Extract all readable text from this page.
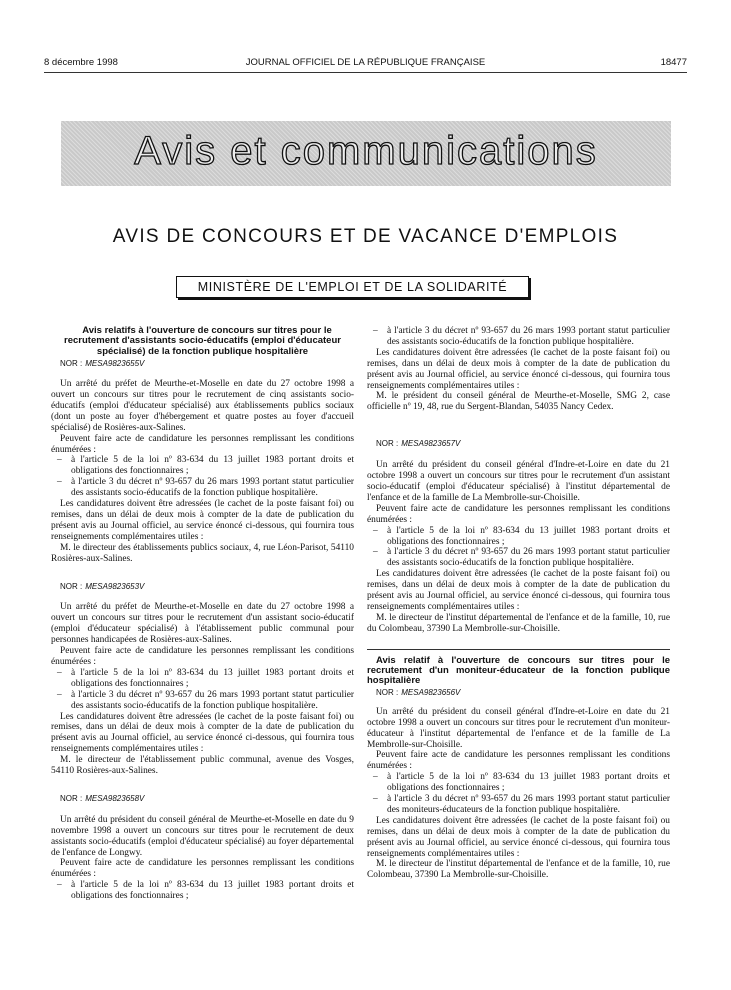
8 décembre 1998	JOURNAL OFFICIEL DE LA RÉPUBLIQUE FRANÇAISE	18477
Avis et communications
AVIS DE CONCOURS ET DE VACANCE D'EMPLOIS
MINISTÈRE DE L'EMPLOI ET DE LA SOLIDARITÉ

Avis relatifs à l'ouverture de concours sur titres pour le recrutement d'assistants socio-éducatifs (emploi d'éducateur spécialisé) de la fonction publique hospitalière

NOR : MESA9823655V

Un arrêté du préfet de Meurthe-et-Moselle en date du 27 octobre 1998 a ouvert un concours sur titres pour le recrutement de cinq assistants socio-éducatifs (emploi d'éducateur spécialisé) aux établissements publics sociaux (dont un poste au foyer d'hébergement et quatre postes au foyer d'accueil spécialisé) de Rosières-aux-Salines.

Peuvent faire acte de candidature les personnes remplissant les conditions énumérées :

– à l'article 5 de la loi nº 83-634 du 13 juillet 1983 portant droits et obligations des fonctionnaires ;
– à l'article 3 du décret nº 93-657 du 26 mars 1993 portant statut particulier des assistants socio-éducatifs de la fonction publique hospitalière.

Les candidatures doivent être adressées (le cachet de la poste faisant foi) ou remises, dans un délai de deux mois à compter de la date de publication du présent avis au Journal officiel, au service énoncé ci-dessous, qui fournira tous renseignements complémentaires utiles :

M. le directeur des établissements publics sociaux, 4, rue Léon-Parisot, 54110 Rosières-aux-Salines.

NOR : MESA9823653V

Un arrêté du préfet de Meurthe-et-Moselle en date du 27 octobre 1998 a ouvert un concours sur titres pour le recrutement d'un assistant socio-éducatif (emploi d'éducateur spécialisé) à l'établissement public communal pour personnes handicapées de Rosières-aux-Salines.

Peuvent faire acte de candidature les personnes remplissant les conditions énumérées :

– à l'article 5 de la loi nº 83-634 du 13 juillet 1983 portant droits et obligations des fonctionnaires ;
– à l'article 3 du décret nº 93-657 du 26 mars 1993 portant statut particulier des assistants socio-éducatifs de la fonction publique hospitalière.

Les candidatures doivent être adressées (le cachet de la poste faisant foi) ou remises, dans un délai de deux mois à compter de la date de publication du présent avis au Journal officiel, au service énoncé ci-dessous, qui fournira tous renseignements complémentaires utiles :

M. le directeur de l'établissement public communal, avenue des Vosges, 54110 Rosières-aux-Salines.

NOR : MESA9823658V

Un arrêté du président du conseil général de Meurthe-et-Moselle en date du 9 novembre 1998 a ouvert un concours sur titres pour le recrutement de deux assistants socio-éducatifs (emploi d'éducateur spécialisé) au foyer départemental de l'enfance de Longwy.

Peuvent faire acte de candidature les personnes remplissant les conditions énumérées :

– à l'article 5 de la loi nº 83-634 du 13 juillet 1983 portant droits et obligations des fonctionnaires ;
– à l'article 3 du décret nº 93-657 du 26 mars 1993 portant statut particulier des assistants socio-éducatifs de la fonction publique hospitalière.

Les candidatures doivent être adressées (le cachet de la poste faisant foi) ou remises, dans un délai de deux mois à compter de la date de publication du présent avis au Journal officiel, au service énoncé ci-dessous, qui fournira tous renseignements complémentaires utiles :

M. le président du conseil général de Meurthe-et-Moselle, SMG 2, case officielle nº 19, 48, rue du Sergent-Blandan, 54035 Nancy Cedex.

NOR : MESA9823657V

Un arrêté du président du conseil général d'Indre-et-Loire en date du 21 octobre 1998 a ouvert un concours sur titres pour le recrutement d'un assistant socio-éducatif (emploi d'éducateur spécialisé) à l'institut départemental de l'enfance et de la famille de La Membrolle-sur-Choisille.

Peuvent faire acte de candidature les personnes remplissant les conditions énumérées :

– à l'article 5 de la loi nº 83-634 du 13 juillet 1983 portant droits et obligations des fonctionnaires ;
– à l'article 3 du décret nº 93-657 du 26 mars 1993 portant statut particulier des assistants socio-éducatifs de la fonction publique hospitalière.

Les candidatures doivent être adressées (le cachet de la poste faisant foi) ou remises, dans un délai de deux mois à compter de la date de publication du présent avis au Journal officiel, au service énoncé ci-dessous, qui fournira tous renseignements complémentaires utiles :

M. le directeur de l'institut départemental de l'enfance et de la famille, 10, rue du Colombeau, 37390 La Membrolle-sur-Choisille.

Avis relatif à l'ouverture de concours sur titres pour le recrutement d'un moniteur-éducateur de la fonction publique hospitalière

NOR : MESA9823656V

Un arrêté du président du conseil général d'Indre-et-Loire en date du 21 octobre 1998 a ouvert un concours sur titres pour le recrutement d'un moniteur-éducateur à l'institut départemental de l'enfance et de la famille de La Membrolle-sur-Choisille.

Peuvent faire acte de candidature les personnes remplissant les conditions énumérées :

– à l'article 5 de la loi nº 83-634 du 13 juillet 1983 portant droits et obligations des fonctionnaires ;
– à l'article 3 du décret nº 93-657 du 26 mars 1993 portant statut particulier des moniteurs-éducateurs de la fonction publique hospitalière.

Les candidatures doivent être adressées (le cachet de la poste faisant foi) ou remises, dans un délai de deux mois à compter de la date de publication du présent avis au Journal officiel, au service énoncé ci-dessous, qui fournira tous renseignements complémentaires utiles :

M. le directeur de l'institut départemental de l'enfance et de la famille, 10, rue Colombeau, 37390 La Membrolle-sur-Choisille.
